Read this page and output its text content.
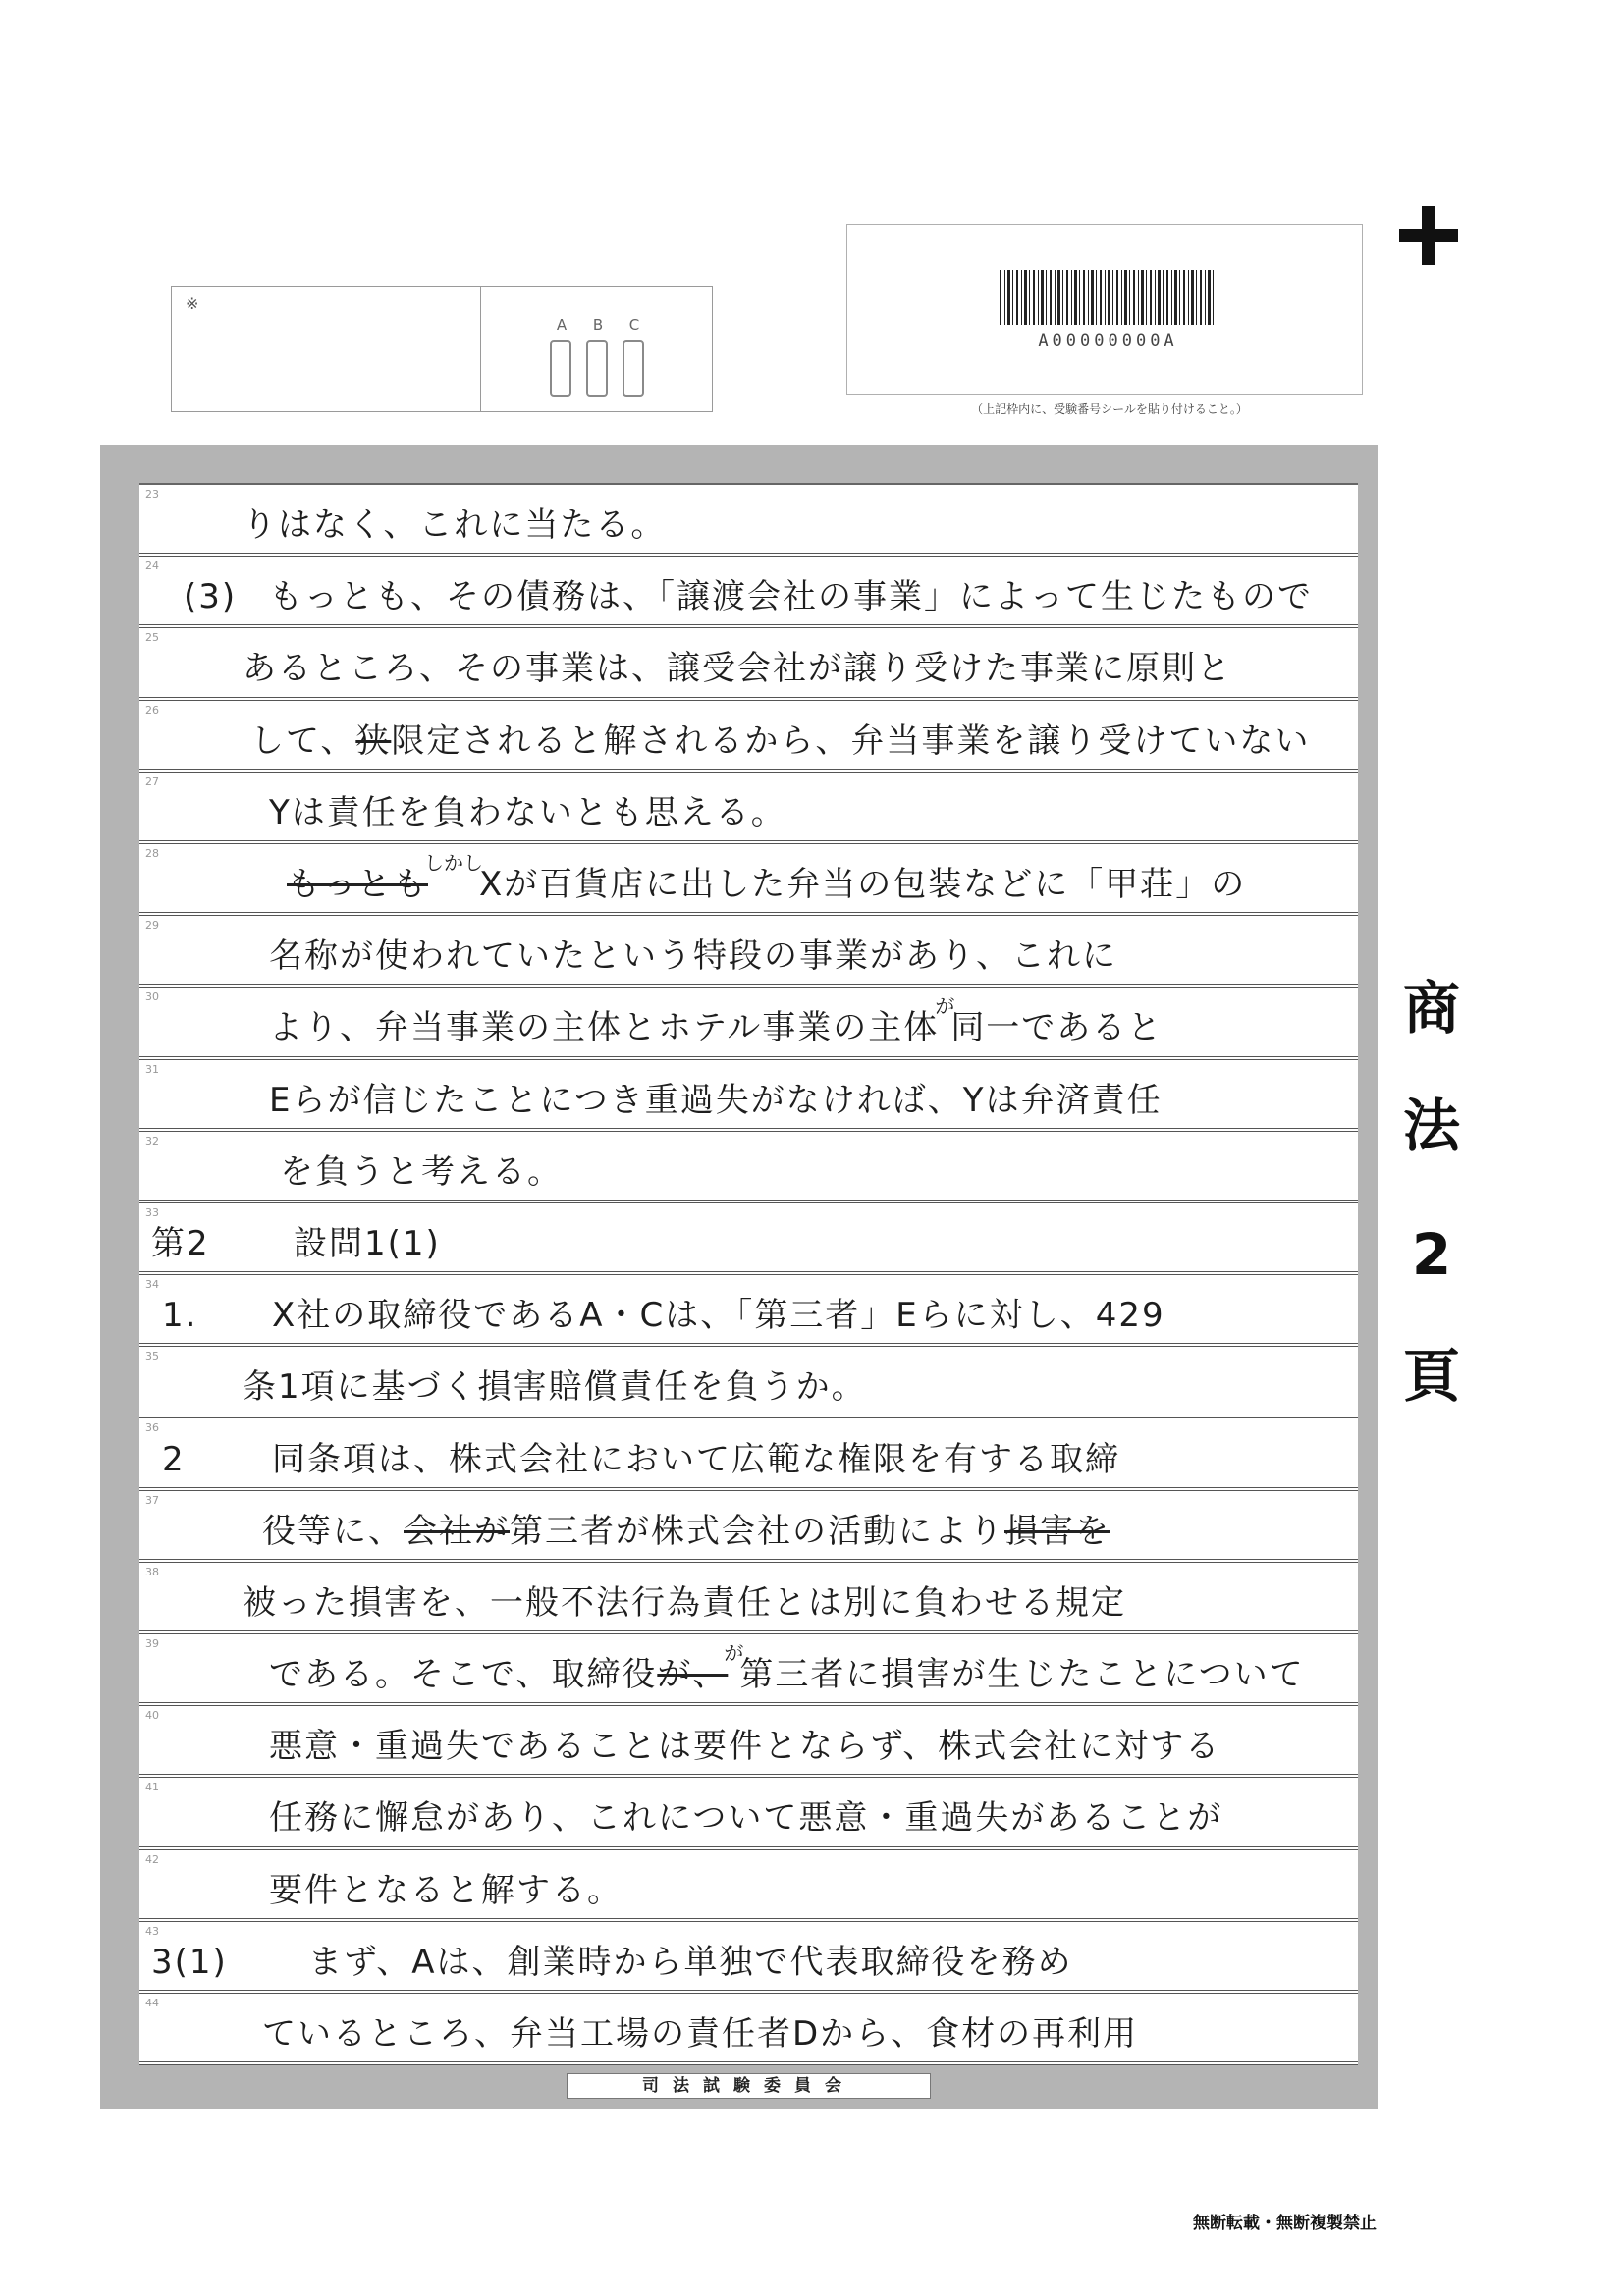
※
A	B	C
A00000000A
（上記枠内に、受験番号シールを貼り付けること。）
23
りはなく、これに当たる。
24
(3) もっとも、その債務は、「譲渡会社の事業」によって生じたもので
25
あるところ、その事業は、譲受会社が譲り受けた事業に原則と
26
して、狭限定されると解されるから、弁当事業を譲り受けていない
27
Yは責任を負わないとも思える。
28
もっともしかしXが百貨店に出した弁当の包装などに「甲荘」の
29
名称が使われていたという特段の事業があり、これに
30
より、弁当事業の主体とホテル事業の主体が同一であると
31
Eらが信じたことにつき重過失がなければ、Yは弁済責任
32
を負うと考える。
33
第2	設問1(1)
34
1. X社の取締役であるA・Cは、「第三者」Eらに対し、429
35
条1項に基づく損害賠償責任を負うか。
36
2	同条項は、株式会社において広範な権限を有する取締
37
役等に、会社が第三者が株式会社の活動により損害を
38
被った損害を、一般不法行為責任とは別に負わせる規定
39
である。そこで、取締役が、が第三者に損害が生じたことについて
40
悪意・重過失であることは要件とならず、株式会社に対する
41
任務に懈怠があり、これについて悪意・重過失があることが
42
要件となると解する。
43
3(1) まず、Aは、創業時から単独で代表取締役を務め
44
ているところ、弁当工場の責任者Dから、食材の再利用
司法試験委員会
商
法
2
頁
無断転載・無断複製禁止
